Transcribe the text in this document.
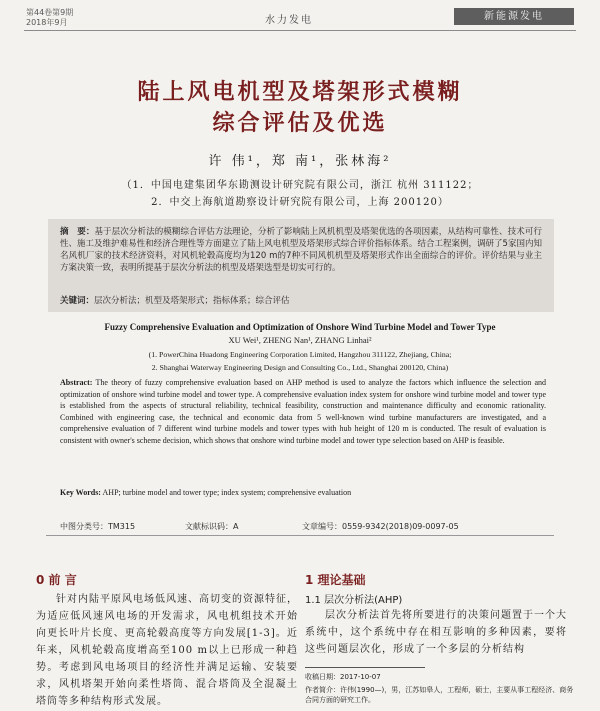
第44卷第9期
2018年9月	水力发电	新能源发电
陆上风电机型及塔架形式模糊
综合评估及优选
许 伟¹，郑 南¹，张林海²
（1．中国电建集团华东勘测设计研究院有限公司，浙江 杭州 311122；
2．中交上海航道勘察设计研究院有限公司，上海 200120）
摘　要：基于层次分析法的模糊综合评估方法理论，分析了影响陆上风机机型及塔架优选的各项因素，从结构可靠性、技术可行性、施工及维护难易性和经济合理性等方面建立了陆上风电机型及塔架形式综合评价指标体系。结合工程案例，调研了5家国内知名风机厂家的技术经济资料，对风机轮毂高度均为120 m的7种不同风机机型及塔架形式作出全面综合的评价。评价结果与业主方案决策一致，表明所提基于层次分析法的机型及塔架选型是切实可行的。
关键词：层次分析法；机型及塔架形式；指标体系；综合评估
Fuzzy Comprehensive Evaluation and Optimization of Onshore Wind Turbine Model and Tower Type
XU Wei¹, ZHENG Nan¹, ZHANG Linhai²
(1. PowerChina Huadong Engineering Corporation Limited, Hangzhou 311122, Zhejiang, China;
2. Shanghai Waterway Engineering Design and Consulting Co., Ltd., Shanghai 200120, China)
Abstract: The theory of fuzzy comprehensive evaluation based on AHP method is used to analyze the factors which influence the selection and optimization of onshore wind turbine model and tower type. A comprehensive evaluation index system for onshore wind turbine model and tower type is established from the aspects of structural reliability, technical feasibility, construction and maintenance difficulty and economic rationality. Combined with engineering case, the technical and economic data from 5 well-known wind turbine manufacturers are investigated, and a comprehensive evaluation of 7 different wind turbine models and tower types with hub height of 120 m is conducted. The result of evaluation is consistent with owner's scheme decision, which shows that onshore wind turbine model and tower type selection based on AHP is feasible.
Key Words: AHP; turbine model and tower type; index system; comprehensive evaluation
中图分类号：TM315	文献标识码：A	文章编号：0559-9342(2018)09-0097-05
0 前 言
针对内陆平原风电场低风速、高切变的资源特征，为适应低风速风电场的开发需求，风电机组技术开始向更长叶片长度、更高轮毂高度等方向发展[1-3]。近年来，风机轮毂高度增高至100 m以上已形成一种趋势。考虑到风电场项目的经济性并满足运输、安装要求，风机塔架开始向柔性塔筒、混合塔筒及全混凝土塔筒等多种结构形式发展。
1 理论基础
1.1 层次分析法(AHP)
层次分析法首先将所要进行的决策问题置于一个大系统中，这个系统中存在相互影响的多种因素，要将这些问题层次化，形成了一个多层的分析结构
收稿日期：2017-10-07
作者简介：许伟(1990—)，男，江苏如皋人，工程师，硕士，主要从事工程经济、商务合同方面的研究工作。
